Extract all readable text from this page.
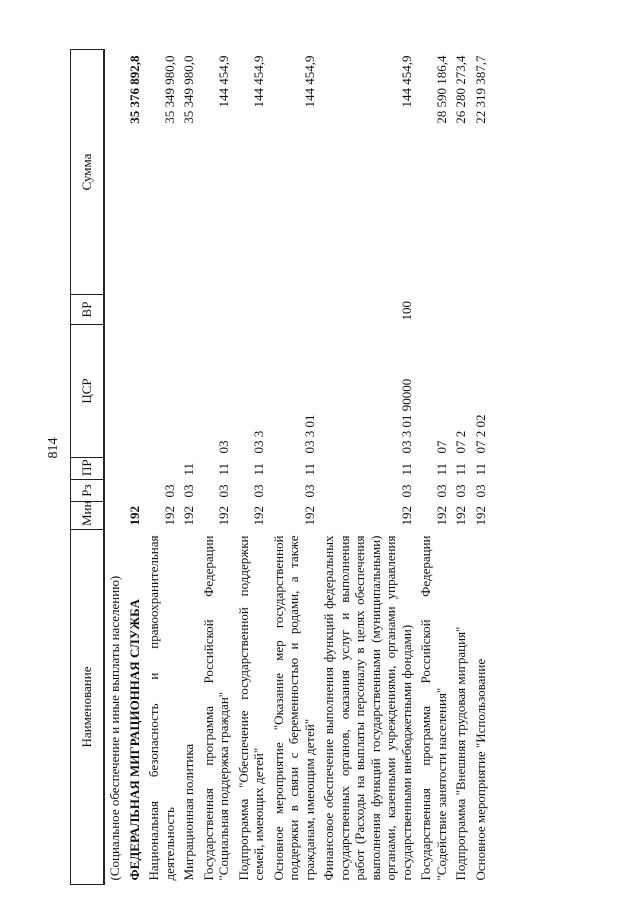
814
Наименование	Мин	Рз	ПР	ЦСР	ВР	Сумма
(Социальное обеспечение и иные выплаты населению)						
ФЕДЕРАЛЬНАЯ МИГРАЦИОННАЯ СЛУЖБА	192					35 376 892,8
Национальная безопасность и правоохранительная деятельность	192	03				35 349 980,0
Миграционная политика	192	03	11			35 349 980,0
Государственная программа Российской Федерации "Социальная поддержка граждан"	192	03	11	03		144 454,9
Подпрограмма "Обеспечение государственной поддержки семей, имеющих детей"	192	03	11	03 3		144 454,9
Основное мероприятие "Оказание мер государственной поддержки в связи с беременностью и родами, а также гражданам, имеющим детей"	192	03	11	03 3 01		144 454,9
Финансовое обеспечение выполнения функций федеральных государственных органов, оказания услуг и выполнения работ (Расходы на выплаты персоналу в целях обеспечения выполнения функций государственными (муниципальными) органами, казенными учреждениями, органами управления государственными внебюджетными фондами)	192	03	11	03 3 01 90000	100	144 454,9
Государственная программа Российской Федерации "Содействие занятости населения"	192	03	11	07		28 590 186,4
Подпрограмма "Внешняя трудовая миграция"	192	03	11	07 2		26 280 273,4
Основное мероприятие "Использование	192	03	11	07 2 02		22 319 387,7
